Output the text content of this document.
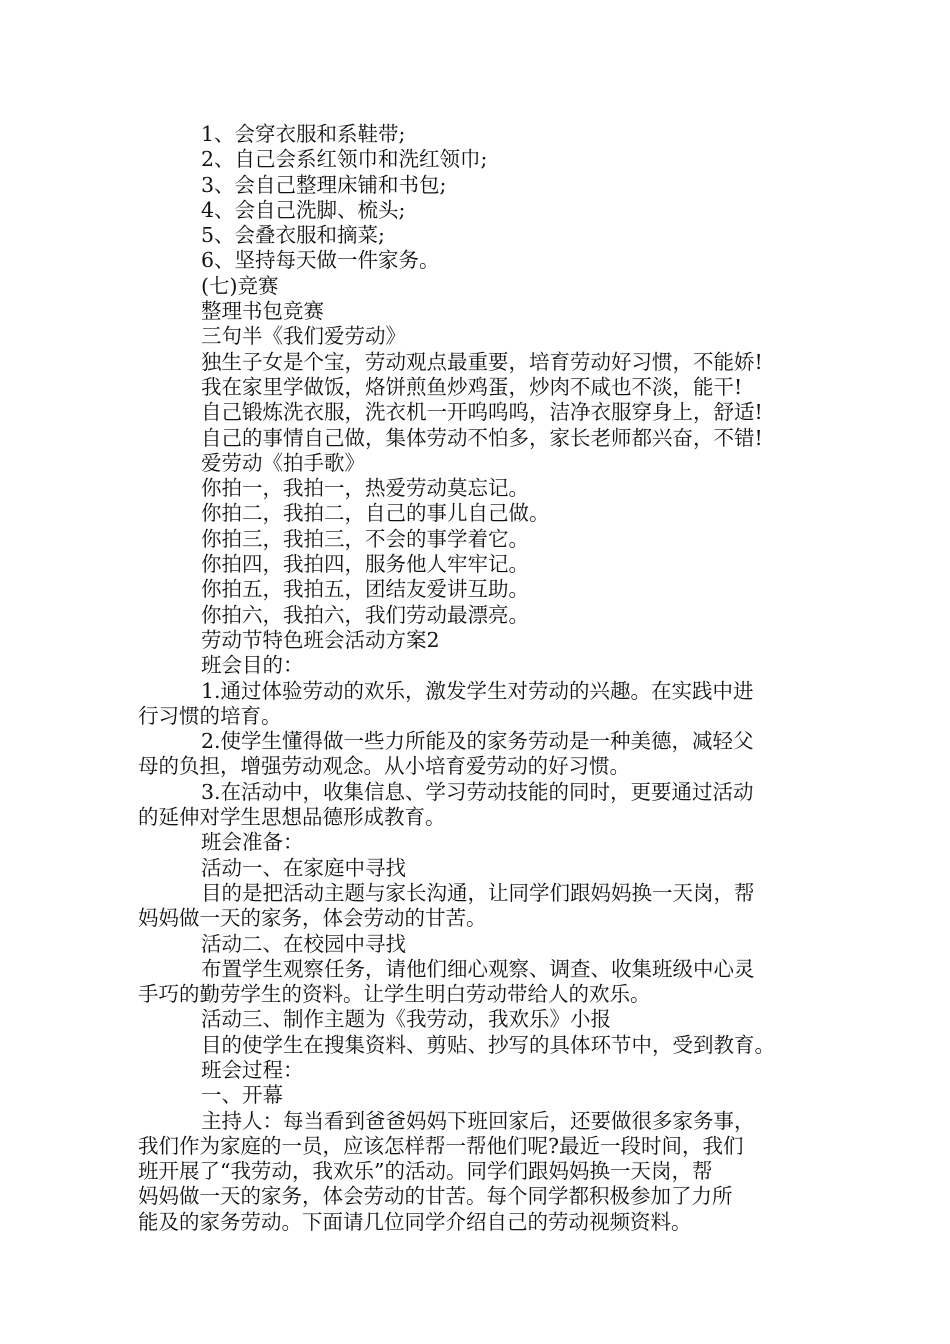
1、会穿衣服和系鞋带;

2、自己会系红领巾和洗红领巾;

3、会自己整理床铺和书包;

4、会自己洗脚、梳头;

5、会叠衣服和摘菜;

6、坚持每天做一件家务。

(七)竞赛

整理书包竞赛

三句半《我们爱劳动》

独生子女是个宝，劳动观点最重要，培育劳动好习惯，不能娇!

我在家里学做饭，烙饼煎鱼炒鸡蛋，炒肉不咸也不淡，能干!

自己锻炼洗衣服，洗衣机一开呜呜呜，洁净衣服穿身上，舒适!

自己的事情自己做，集体劳动不怕多，家长老师都兴奋，不错!

爱劳动《拍手歌》

你拍一，我拍一，热爱劳动莫忘记。

你拍二，我拍二，自己的事儿自己做。

你拍三，我拍三，不会的事学着它。

你拍四，我拍四，服务他人牢牢记。

你拍五，我拍五，团结友爱讲互助。

你拍六，我拍六，我们劳动最漂亮。

劳动节特色班会活动方案2

班会目的：

1.通过体验劳动的欢乐，激发学生对劳动的兴趣。在实践中进

行习惯的培育。

2.使学生懂得做一些力所能及的家务劳动是一种美德，减轻父

母的负担，增强劳动观念。从小培育爱劳动的好习惯。

3.在活动中，收集信息、学习劳动技能的同时，更要通过活动

的延伸对学生思想品德形成教育。

班会准备：

活动一、在家庭中寻找

目的是把活动主题与家长沟通，让同学们跟妈妈换一天岗，帮

妈妈做一天的家务，体会劳动的甘苦。

活动二、在校园中寻找

布置学生观察任务，请他们细心观察、调查、收集班级中心灵

手巧的勤劳学生的资料。让学生明白劳动带给人的欢乐。

活动三、制作主题为《我劳动，我欢乐》小报

目的使学生在搜集资料、剪贴、抄写的具体环节中，受到教育。

班会过程：

一、开幕

主持人：每当看到爸爸妈妈下班回家后，还要做很多家务事，

我们作为家庭的一员，应该怎样帮一帮他们呢?最近一段时间，我们

班开展了“我劳动，我欢乐”的活动。同学们跟妈妈换一天岗，帮

妈妈做一天的家务，体会劳动的甘苦。每个同学都积极参加了力所

能及的家务劳动。下面请几位同学介绍自己的劳动视频资料。
